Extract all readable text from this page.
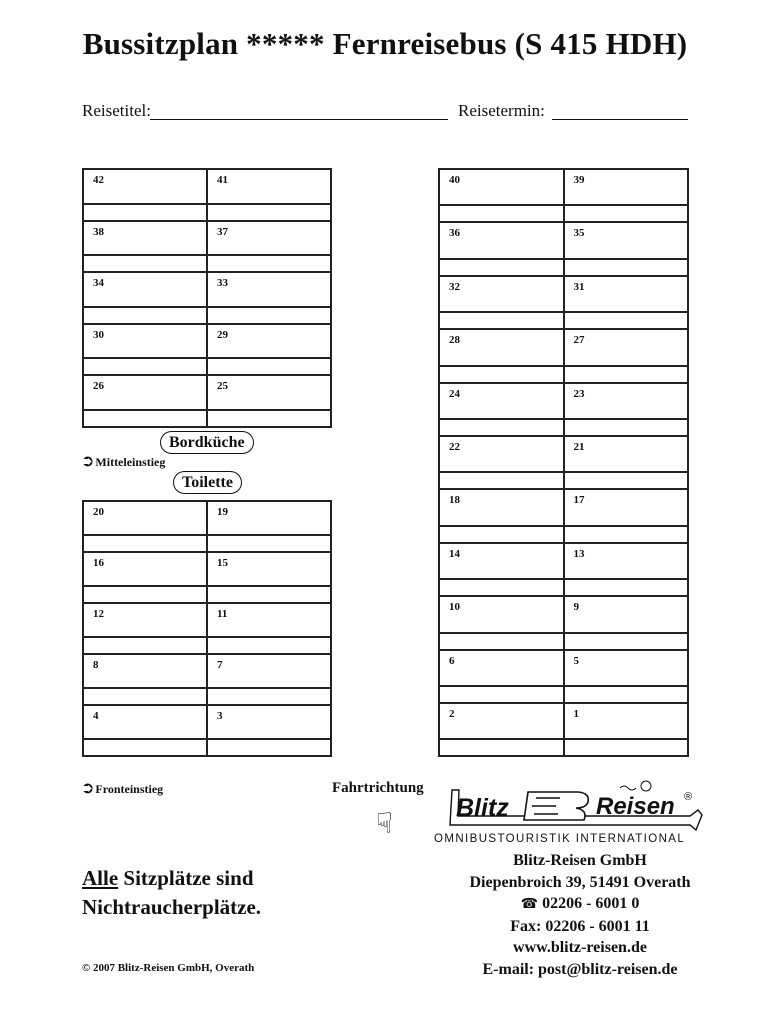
Bussitzplan ***** Fernreisebus (S 415 HDH)
Reisetitel:	Reisetermin:
42	41
38	37
34	33
30	29
26	25
20	19
16	15
12	11
8	7
4	3
40	39
36	35
32	31
28	27
24	23
22	21
18	17
14	13
10	9
6	5
2	1
Bordküche
➲Mitteleinstieg
Toilette
➲Fronteinstieg	Fahrtrichtung
☞
Blitz	Reisen ®
OMNIBUSTOURISTIK INTERNATIONAL
Blitz-Reisen GmbH
Diepenbroich 39, 51491 Overath
☎ 02206 - 6001 0
Fax: 02206 - 6001 11
www.blitz-reisen.de
E-mail: post@blitz-reisen.de
Alle Sitzplätze sind
Nichtraucherplätze.
© 2007 Blitz-Reisen GmbH, Overath
